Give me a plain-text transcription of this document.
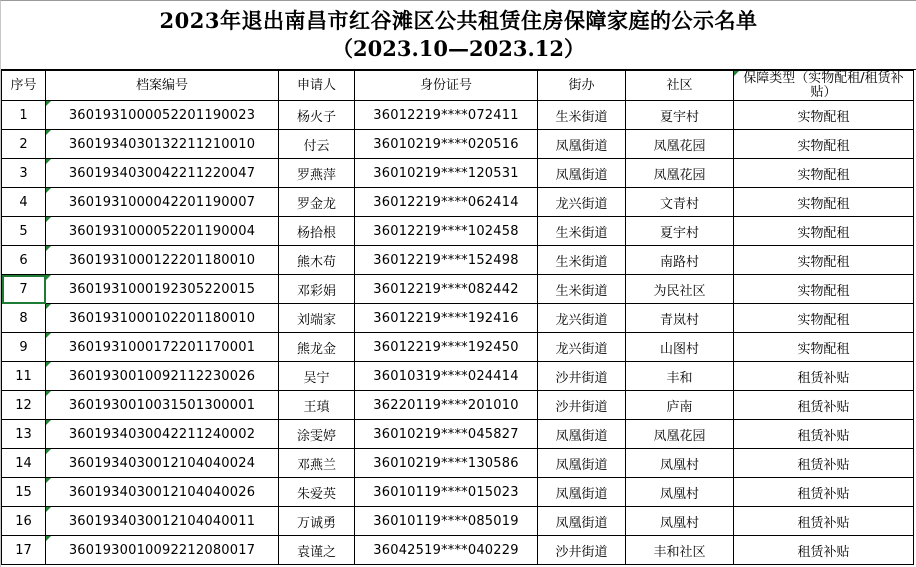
2023年退出南昌市红谷滩区公共租赁住房保障家庭的公示名单
（2023.10—2023.12）
序号	档案编号	申请人	身份证号	街办	社区	保障类型（实物配租/租赁补贴）
1	3601931000052201190023	杨火子	36012219****072411	生米街道	夏宇村	实物配租
2	3601934030132211210010	付云	36010219****020516	凤凰街道	凤凰花园	实物配租
3	3601934030042211220047	罗燕萍	36010219****120531	凤凰街道	凤凰花园	实物配租
4	3601931000042201190007	罗金龙	36012219****062414	龙兴街道	文青村	实物配租
5	3601931000052201190004	杨拾根	36012219****102458	生米街道	夏宇村	实物配租
6	3601931000122201180010	熊木苟	36012219****152498	生米街道	南路村	实物配租
7	3601931000192305220015	邓彩娟	36012219****082442	生米街道	为民社区	实物配租
8	3601931000102201180010	刘端家	36012219****192416	龙兴街道	青岚村	实物配租
9	3601931000172201170001	熊龙金	36012219****192450	龙兴街道	山图村	实物配租
11	3601930010092112230026	吴宁	36010319****024414	沙井街道	丰和	租赁补贴
12	3601930010031501300001	王瑱	36220119****201010	沙井街道	庐南	租赁补贴
13	3601934030042211240002	涂雯婷	36010219****045827	凤凰街道	凤凰花园	租赁补贴
14	3601934030012104040024	邓燕兰	36010219****130586	凤凰街道	凤凰村	租赁补贴
15	3601934030012104040026	朱爱英	36010119****015023	凤凰街道	凤凰村	租赁补贴
16	3601934030012104040011	万诚勇	36010119****085019	凤凰街道	凤凰村	租赁补贴
17	3601930010092212080017	袁谨之	36042519****040229	沙井街道	丰和社区	租赁补贴
